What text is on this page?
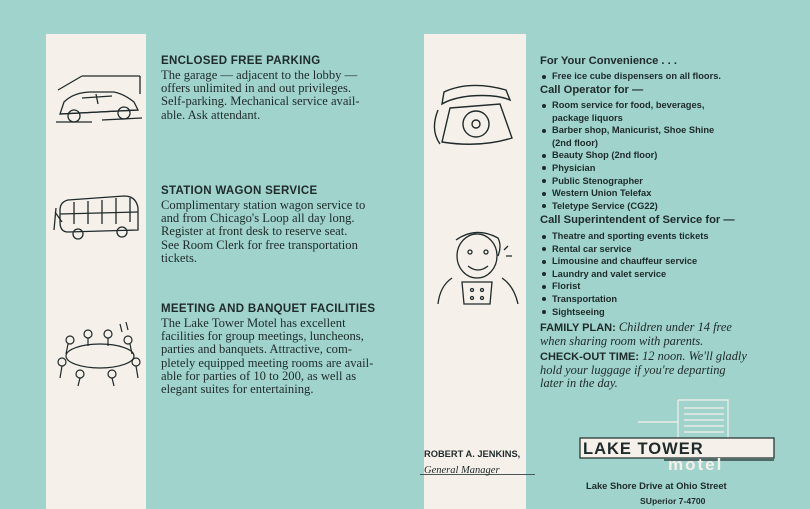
ENCLOSED FREE PARKING
The garage — adjacent to the lobby —
offers unlimited in and out privileges.
Self-parking. Mechanical service avail-
able. Ask attendant.
STATION WAGON SERVICE
Complimentary station wagon service to
and from Chicago's Loop all day long.
Register at front desk to reserve seat.
See Room Clerk for free transportation
tickets.
MEETING AND BANQUET FACILITIES
The Lake Tower Motel has excellent
facilities for group meetings, luncheons,
parties and banquets. Attractive, com-
pletely equipped meeting rooms are avail-
able for parties of 10 to 200, as well as
elegant suites for entertaining.
For Your Convenience . . .
Free ice cube dispensers on all floors.
Call Operator for —
Room service for food, beverages,
package liquors
Barber shop, Manicurist, Shoe Shine
(2nd floor)
Beauty Shop (2nd floor)
Physician
Public Stenographer
Western Union Telefax
Teletype Service (CG22)
Call Superintendent of Service for —
Theatre and sporting events tickets
Rental car service
Limousine and chauffeur service
Laundry and valet service
Florist
Transportation
Sightseeing
FAMILY PLAN: Children under 14 free
when sharing room with parents.
CHECK-OUT TIME: 12 noon. We'll gladly
hold your luggage if you're departing
later in the day.
ROBERT A. JENKINS,
General Manager
LAKE TOWER
motel
Lake Shore Drive at Ohio Street
SUperior 7-4700
